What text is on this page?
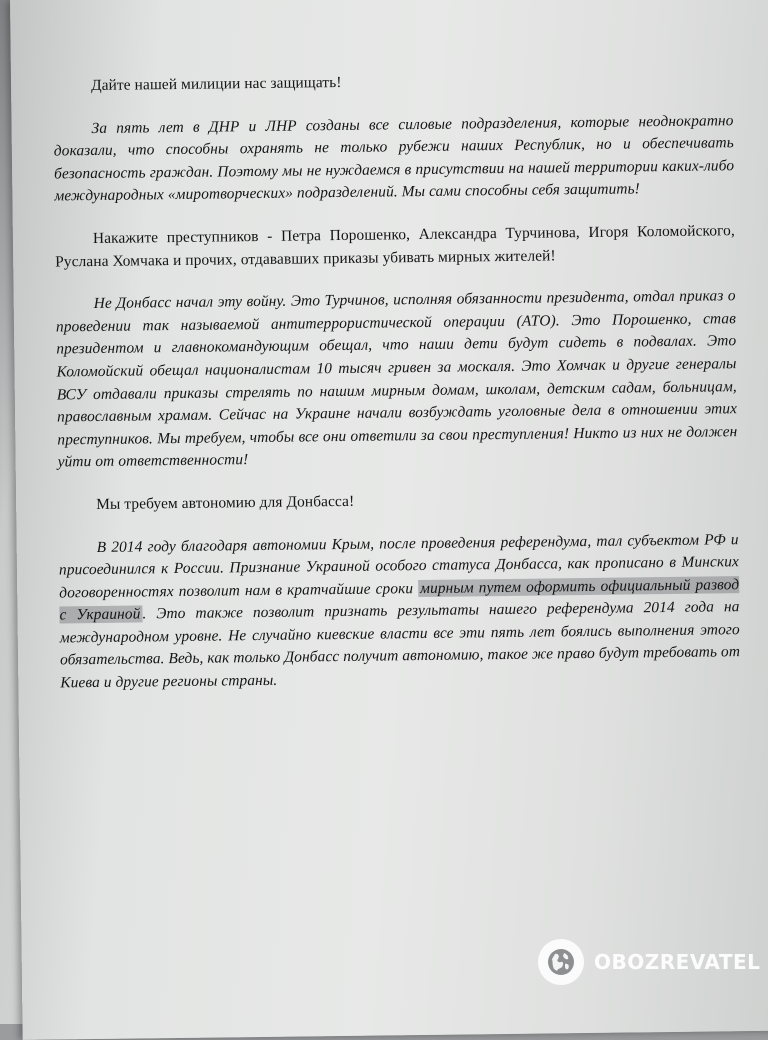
Дайте нашей милиции нас защищать!

За пять лет в ДНР и ЛНР созданы все силовые подразделения, которые неоднократно доказали, что способны охранять не только рубежи наших Республик, но и обеспечивать безопасность граждан. Поэтому мы не нуждаемся в присутствии на нашей территории каких-либо международных «миротворческих» подразделений. Мы сами способны себя защитить!

Накажите преступников - Петра Порошенко, Александра Турчинова, Игоря Коломойского, Руслана Хомчака и прочих, отдававших приказы убивать мирных жителей!

Не Донбасс начал эту войну. Это Турчинов, исполняя обязанности президента, отдал приказ о проведении так называемой антитеррористической операции (АТО). Это Порошенко, став президентом и главнокомандующим обещал, что наши дети будут сидеть в подвалах. Это Коломойский обещал националистам 10 тысяч гривен за москаля. Это Хомчак и другие генералы ВСУ отдавали приказы стрелять по нашим мирным домам, школам, детским садам, больницам, православным храмам. Сейчас на Украине начали возбуждать уголовные дела в отношении этих преступников. Мы требуем, чтобы все они ответили за свои преступления! Никто из них не должен уйти от ответственности!

Мы требуем автономию для Донбасса!

В 2014 году благодаря автономии Крым, после проведения референдума, тал субъектом РФ и присоединился к России. Признание Украиной особого статуса Донбасса, как прописано в Минских договоренностях позволит нам в кратчайшие сроки мирным путем оформить официальный развод с Украиной . Это также позволит признать результаты нашего референдума 2014 года на международном уровне. Не случайно киевские власти все эти пять лет боялись выполнения этого обязательства. Ведь, как только Донбасс получит автономию, такое же право будут требовать от Киева и другие регионы страны.

OBOZREVATEL
